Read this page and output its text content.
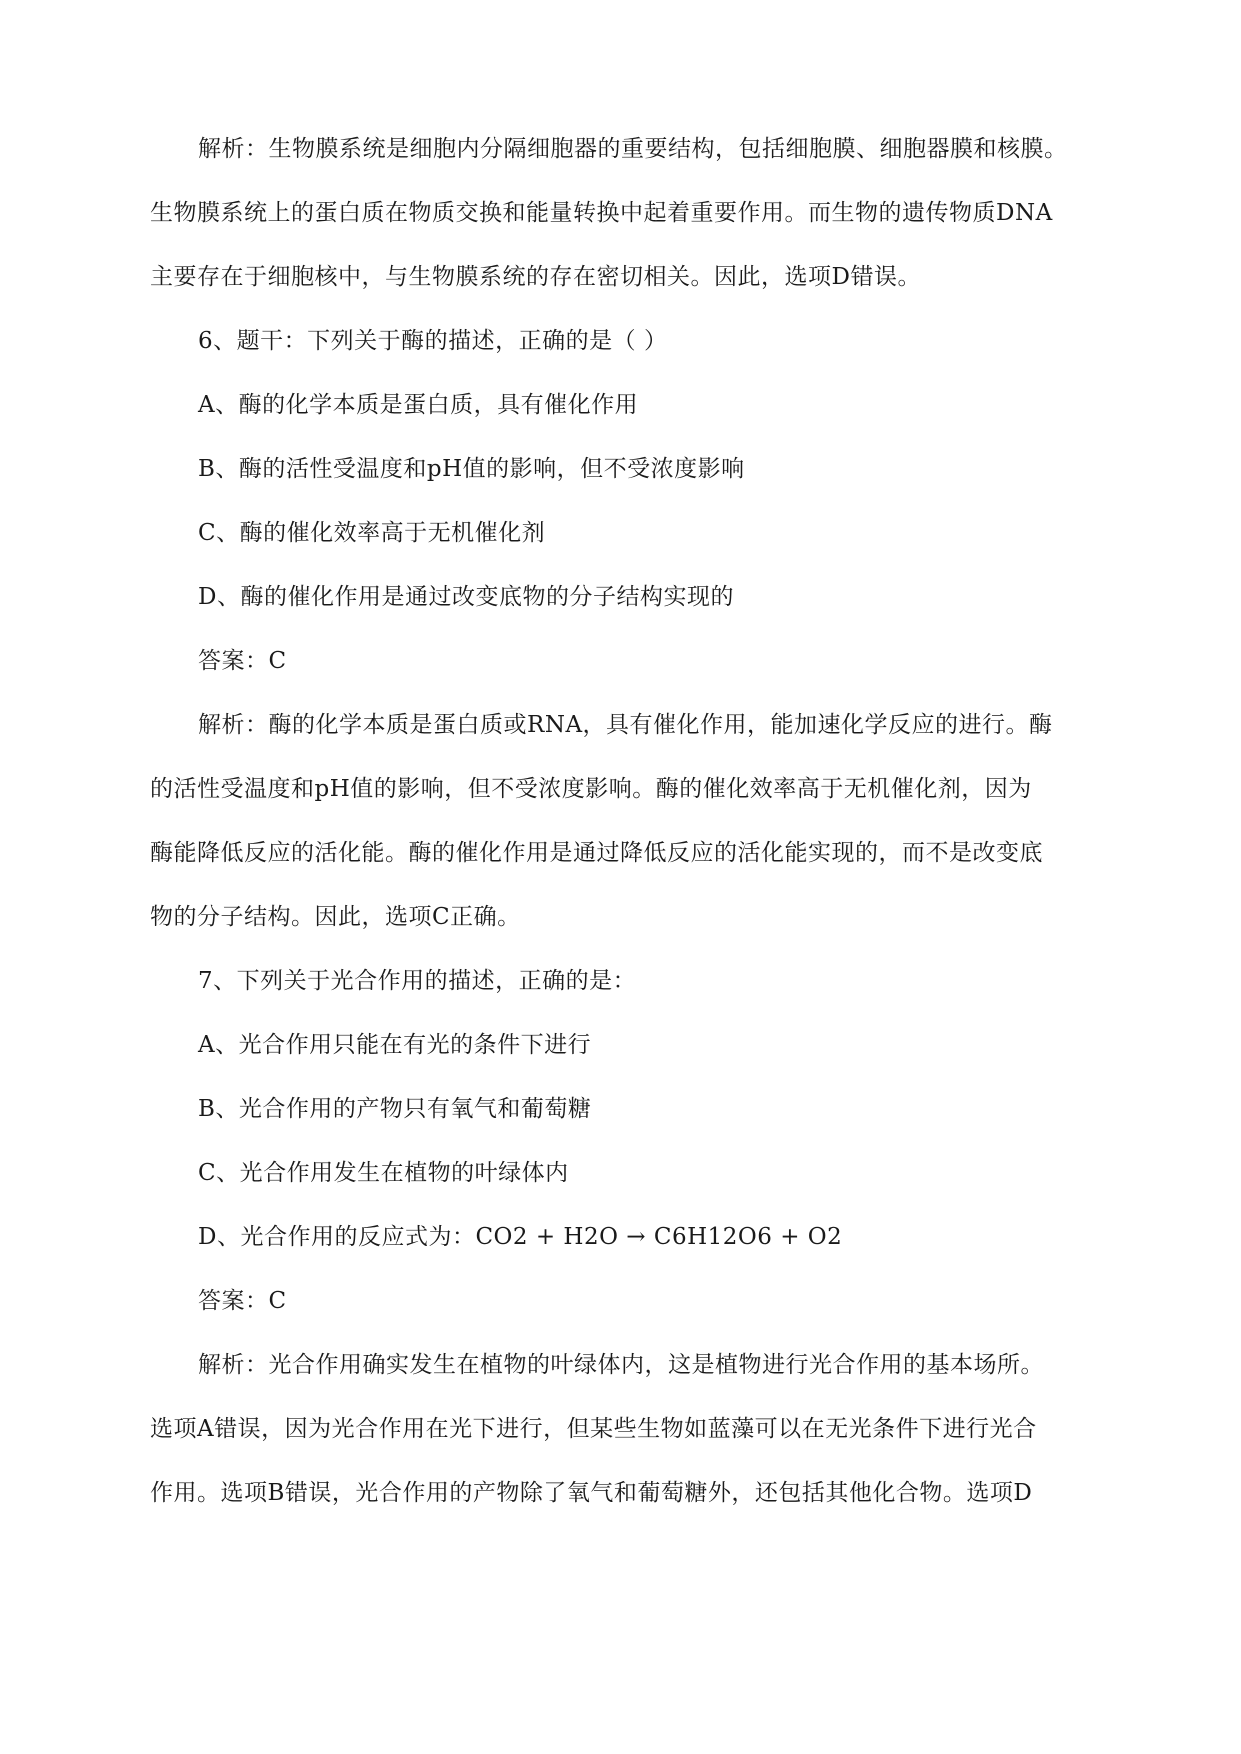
解析：生物膜系统是细胞内分隔细胞器的重要结构，包括细胞膜、细胞器膜和核膜。
生物膜系统上的蛋白质在物质交换和能量转换中起着重要作用。而生物的遗传物质DNA
主要存在于细胞核中，与生物膜系统的存在密切相关。因此，选项D错误。
6、题干：下列关于酶的描述，正确的是（ ）
A、酶的化学本质是蛋白质，具有催化作用
B、酶的活性受温度和pH值的影响，但不受浓度影响
C、酶的催化效率高于无机催化剂
D、酶的催化作用是通过改变底物的分子结构实现的
答案：C
解析：酶的化学本质是蛋白质或RNA，具有催化作用，能加速化学反应的进行。酶
的活性受温度和pH值的影响，但不受浓度影响。酶的催化效率高于无机催化剂，因为
酶能降低反应的活化能。酶的催化作用是通过降低反应的活化能实现的，而不是改变底
物的分子结构。因此，选项C正确。
7、下列关于光合作用的描述，正确的是：
A、光合作用只能在有光的条件下进行
B、光合作用的产物只有氧气和葡萄糖
C、光合作用发生在植物的叶绿体内
D、光合作用的反应式为：CO2 + H2O → C6H12O6 + O2
答案：C
解析：光合作用确实发生在植物的叶绿体内，这是植物进行光合作用的基本场所。
选项A错误，因为光合作用在光下进行，但某些生物如蓝藻可以在无光条件下进行光合
作用。选项B错误，光合作用的产物除了氧气和葡萄糖外，还包括其他化合物。选项D
